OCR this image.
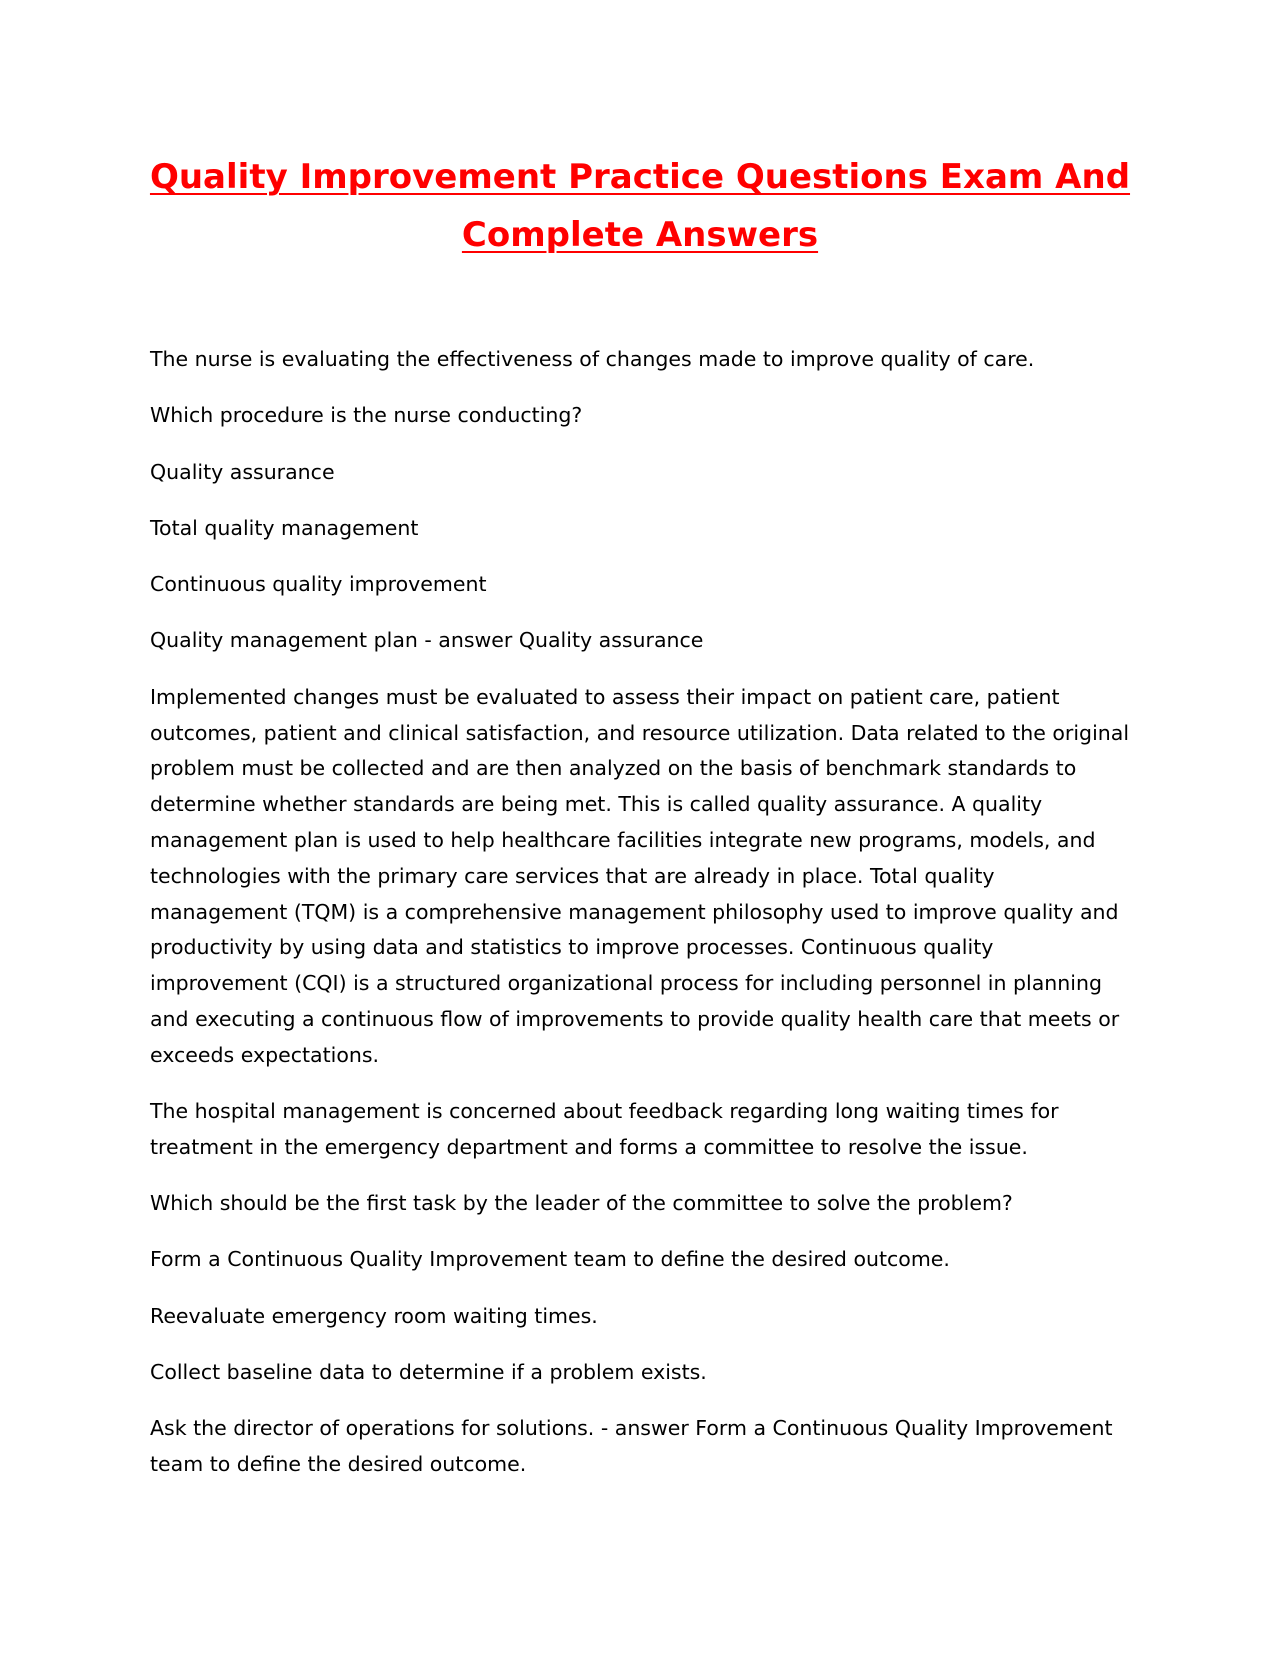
Quality Improvement Practice Questions Exam And Complete Answers

The nurse is evaluating the effectiveness of changes made to improve quality of care.

Which procedure is the nurse conducting?

Quality assurance

Total quality management

Continuous quality improvement

Quality management plan - answer Quality assurance

Implemented changes must be evaluated to assess their impact on patient care, patient outcomes, patient and clinical satisfaction, and resource utilization. Data related to the original problem must be collected and are then analyzed on the basis of benchmark standards to determine whether standards are being met. This is called quality assurance. A quality management plan is used to help healthcare facilities integrate new programs, models, and technologies with the primary care services that are already in place. Total quality management (TQM) is a comprehensive management philosophy used to improve quality and productivity by using data and statistics to improve processes. Continuous quality improvement (CQI) is a structured organizational process for including personnel in planning and executing a continuous flow of improvements to provide quality health care that meets or exceeds expectations.

The hospital management is concerned about feedback regarding long waiting times for treatment in the emergency department and forms a committee to resolve the issue.

Which should be the first task by the leader of the committee to solve the problem?

Form a Continuous Quality Improvement team to define the desired outcome.

Reevaluate emergency room waiting times.

Collect baseline data to determine if a problem exists.

Ask the director of operations for solutions. - answer Form a Continuous Quality Improvement team to define the desired outcome.
